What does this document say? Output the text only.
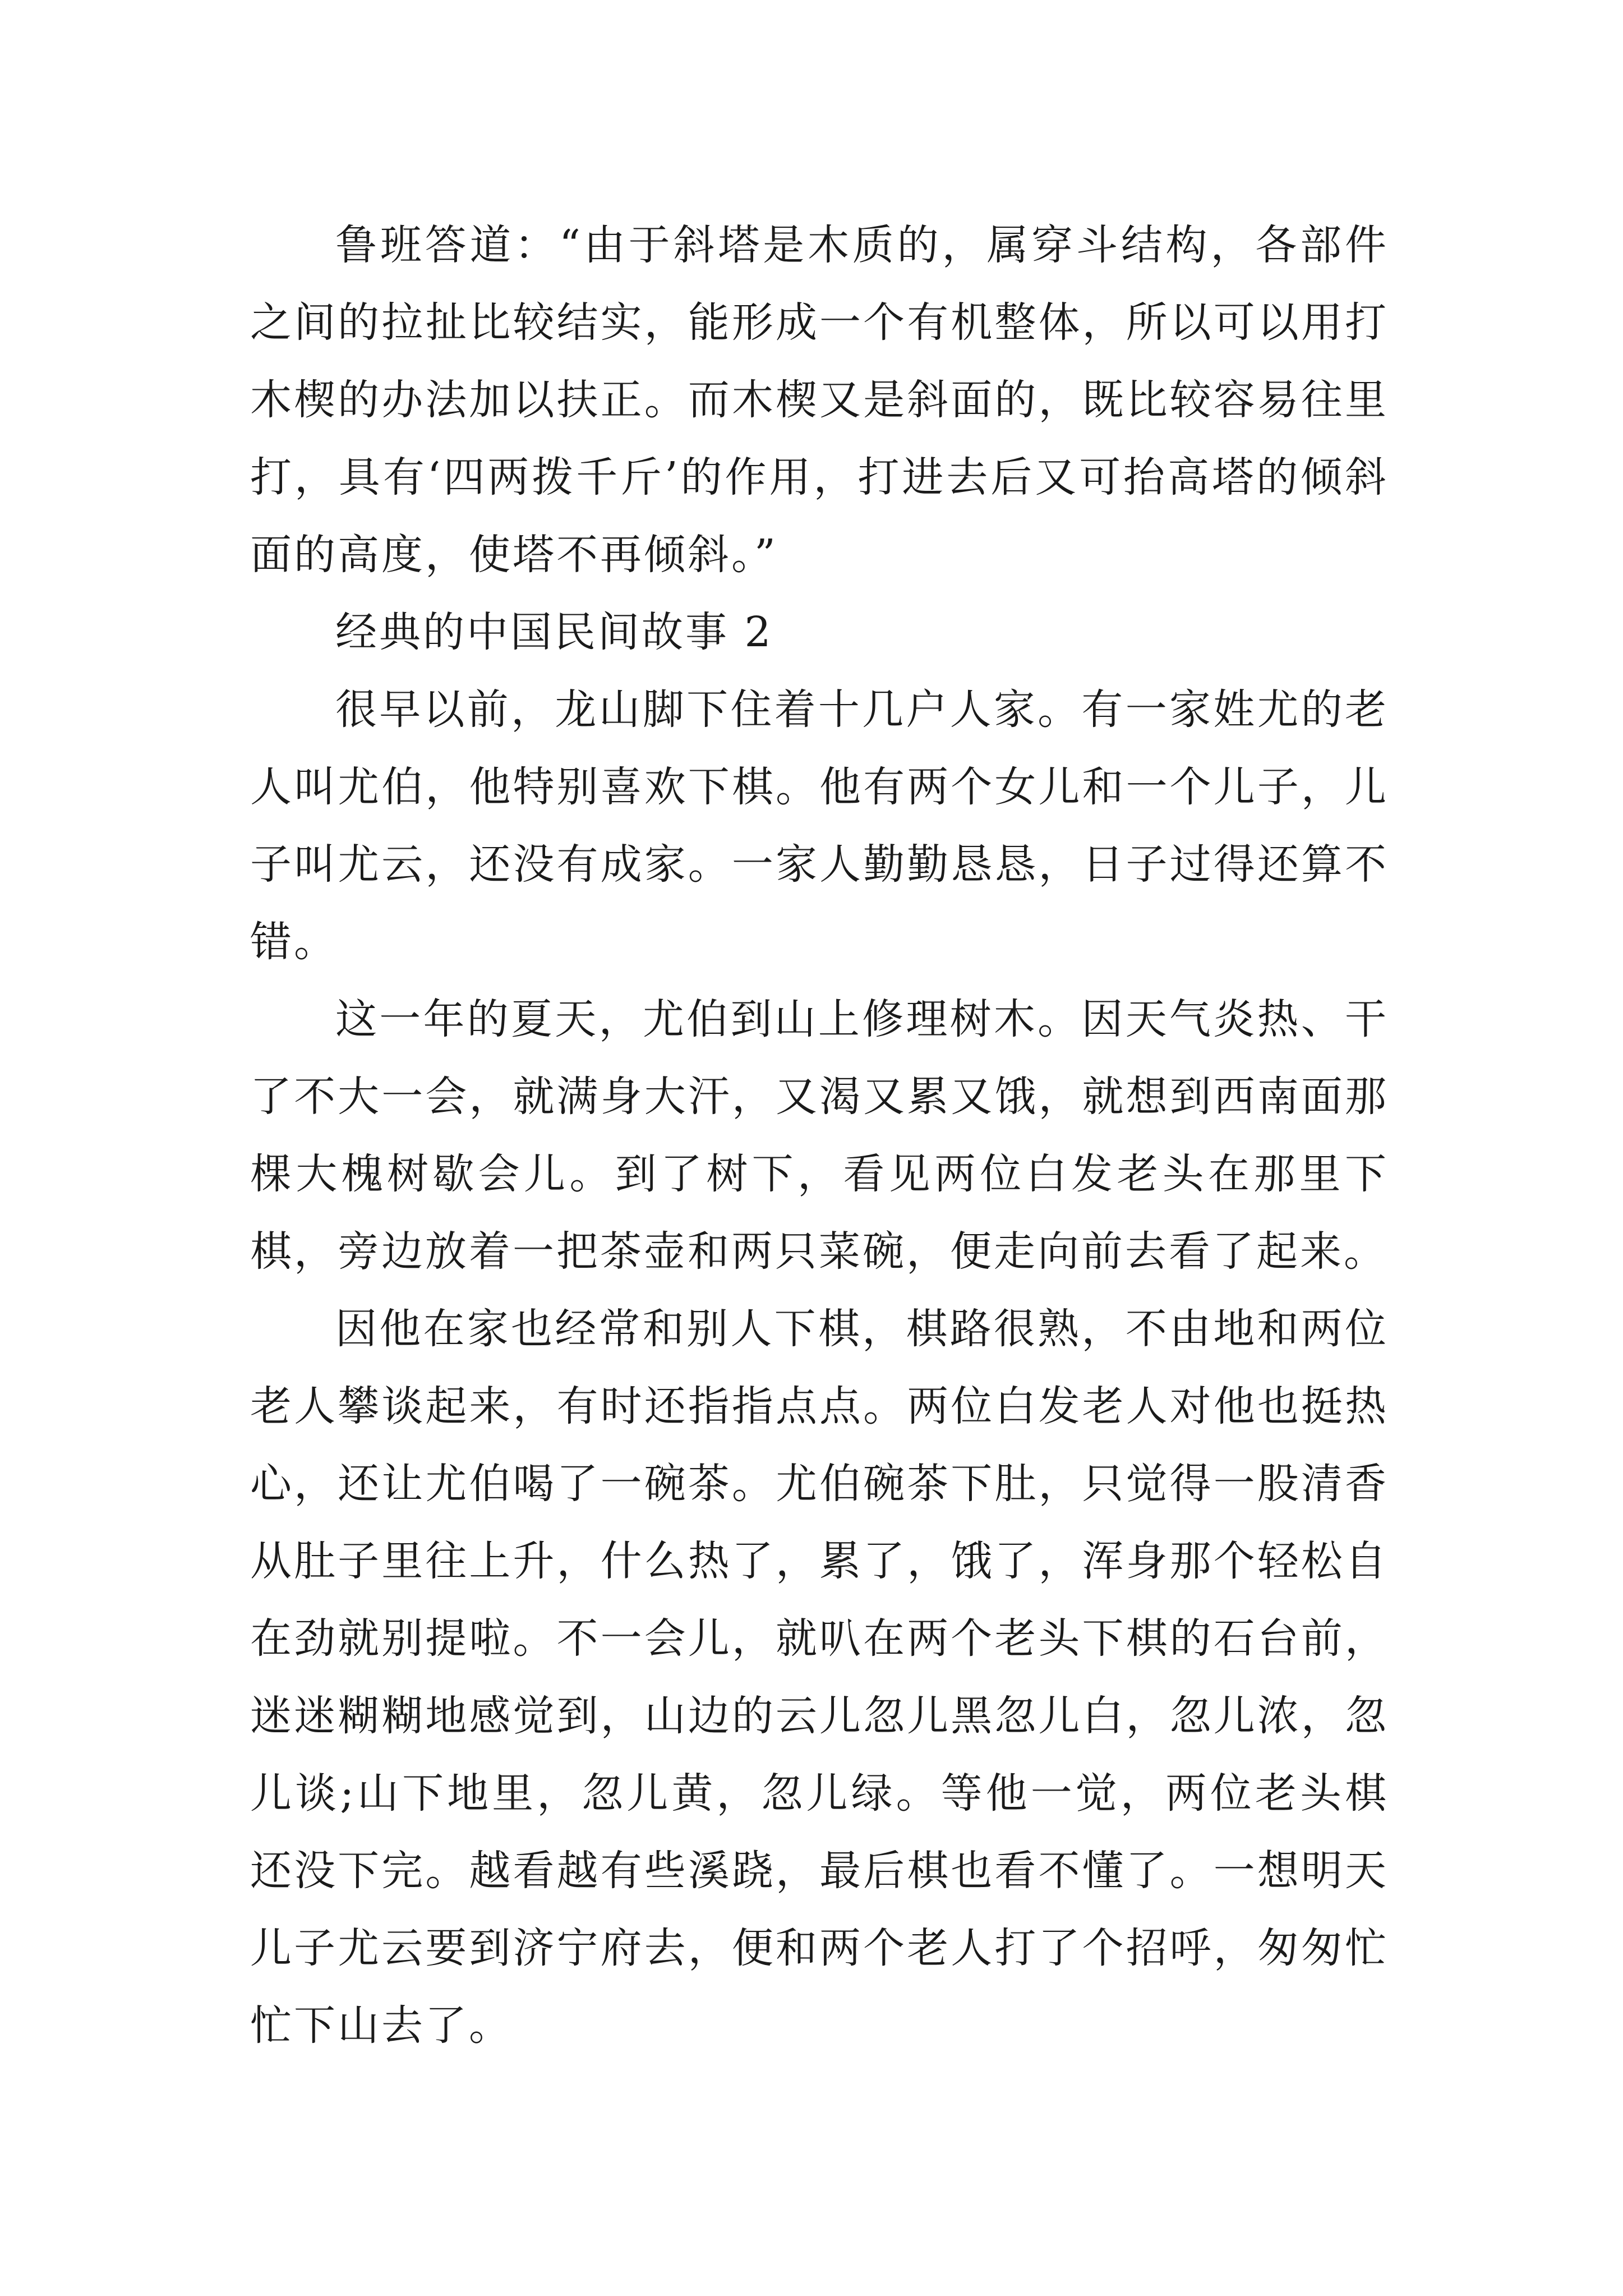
鲁班答道：“由于斜塔是木质的，属穿斗结构，各部件之间的拉扯比较结实，能形成一个有机整体，所以可以用打木楔的办法加以扶正。而木楔又是斜面的，既比较容易往里打，具有‘四两拨千斤’的作用，打进去后又可抬高塔的倾斜面的高度，使塔不再倾斜。”

经典的中国民间故事 2

很早以前，龙山脚下住着十几户人家。有一家姓尤的老人叫尤伯，他特别喜欢下棋。他有两个女儿和一个儿子，儿子叫尤云，还没有成家。一家人勤勤恳恳，日子过得还算不错。

这一年的夏天，尤伯到山上修理树木。因天气炎热、干了不大一会，就满身大汗，又渴又累又饿，就想到西南面那棵大槐树歇会儿。到了树下，看见两位白发老头在那里下棋，旁边放着一把茶壶和两只菜碗，便走向前去看了起来。

因他在家也经常和别人下棋，棋路很熟，不由地和两位老人攀谈起来，有时还指指点点。两位白发老人对他也挺热心，还让尤伯喝了一碗茶。尤伯碗茶下肚，只觉得一股清香从肚子里往上升，什么热了，累了，饿了，浑身那个轻松自在劲就别提啦。不一会儿，就叭在两个老头下棋的石台前，迷迷糊糊地感觉到，山边的云儿忽儿黑忽儿白，忽儿浓，忽儿谈;山下地里，忽儿黄，忽儿绿。等他一觉，两位老头棋还没下完。越看越有些溪跷，最后棋也看不懂了。一想明天儿子尤云要到济宁府去，便和两个老人打了个招呼，匆匆忙忙下山去了。
